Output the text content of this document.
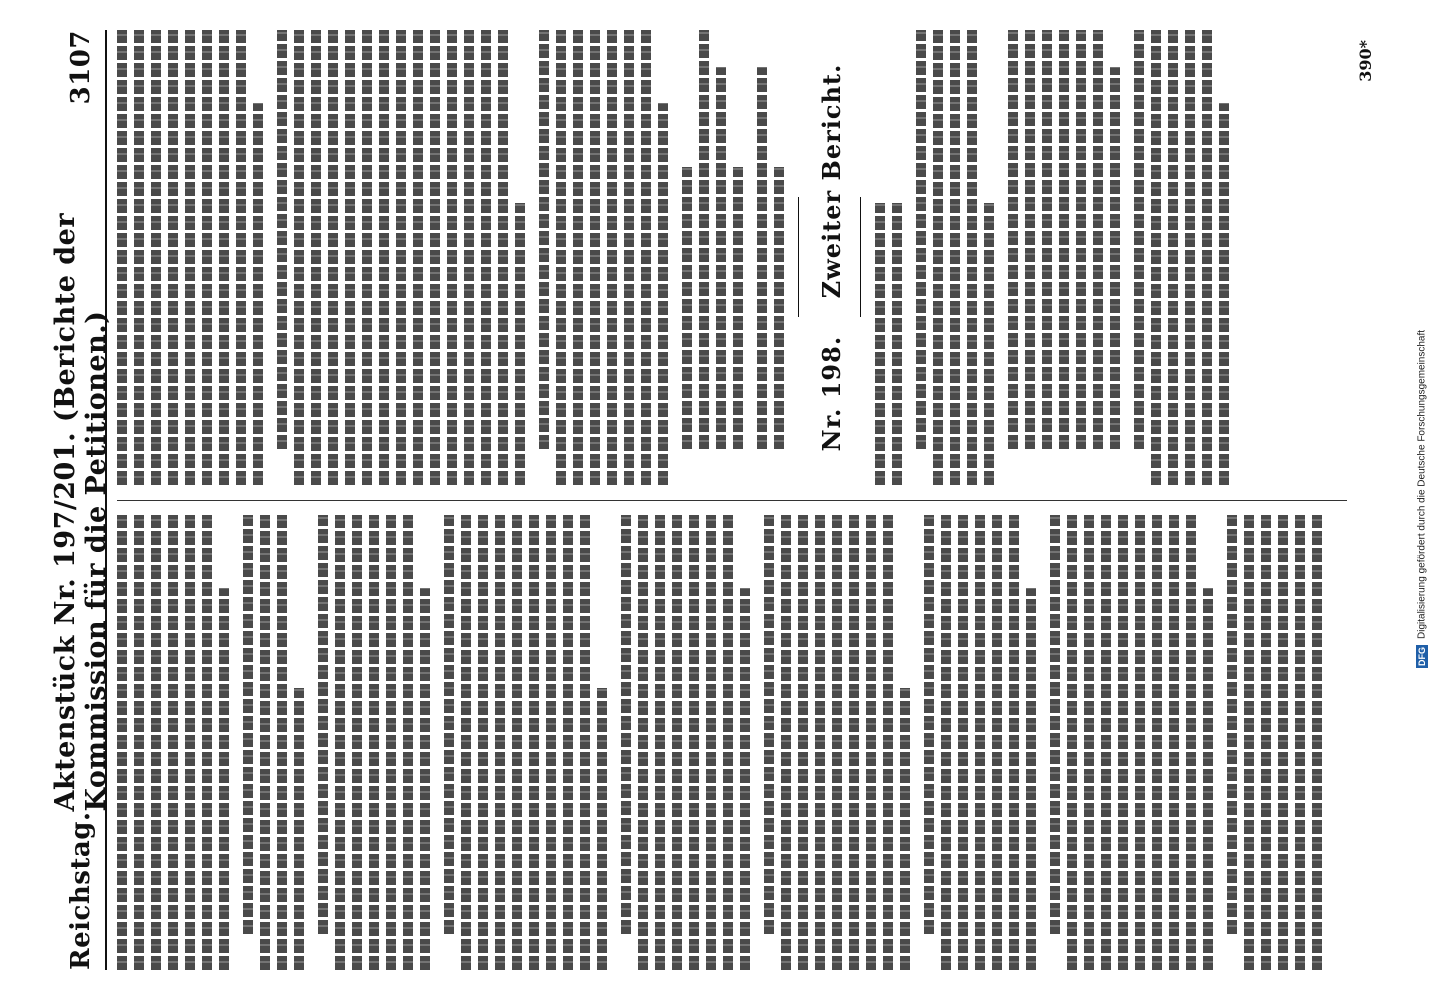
Reichstag.
Aktenstück Nr. 197/201. (Berichte der Kommission für die Petitionen.)
3107
Nr. 198.    Zweiter Bericht.
390*
DFG
Digitalisierung gefördert durch die Deutsche Forschungsgemeinschaft
